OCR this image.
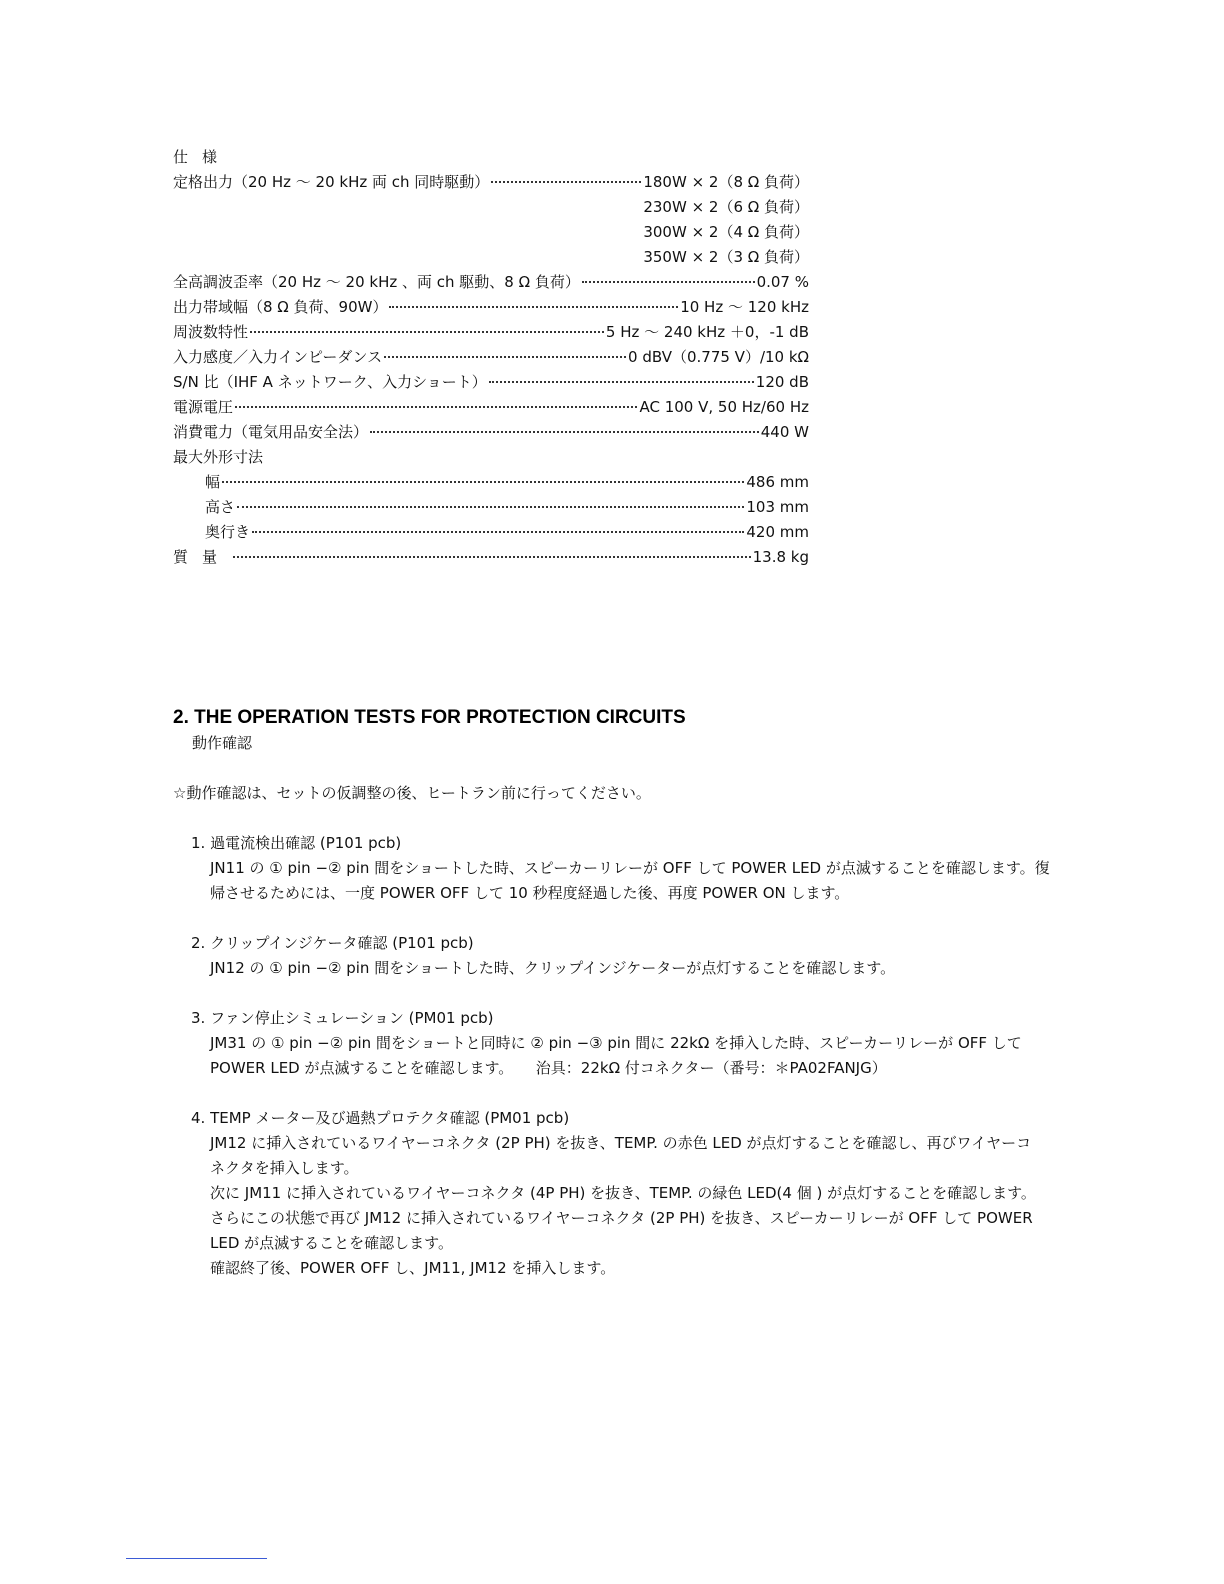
仕様
定格出力（20 Hz 〜 20 kHz 両 ch 同時駆動）	180W × 2（8 Ω 負荷）
230W × 2（6 Ω 負荷）
300W × 2（4 Ω 負荷）
350W × 2（3 Ω 負荷）
全高調波歪率（20 Hz 〜 20 kHz 、両 ch 駆動、8 Ω 負荷）	0.07 %
出力帯域幅（8 Ω 負荷、90W）	10 Hz 〜 120 kHz
周波数特性	5 Hz 〜 240 kHz ＋0，-1 dB
入力感度／入力インピーダンス	0 dBV（0.775 V）/10 kΩ
S/N 比（IHF A ネットワーク、入力ショート）	120 dB
電源電圧	AC 100 V, 50 Hz/60 Hz
消費電力（電気用品安全法）	440 W
最大外形寸法
幅	486 mm
高さ	103 mm
奥行き	420 mm
質量	13.8 kg
2. THE OPERATION TESTS FOR PROTECTION CIRCUITS
動作確認
☆動作確認は、セットの仮調整の後、ヒートラン前に行ってください。
1. 過電流検出確認 (P101 pcb)
JN11 の ① pin −② pin 間をショートした時、スピーカーリレーが OFF して POWER LED が点滅することを確認します。復
帰させるためには、一度 POWER OFF して 10 秒程度経過した後、再度 POWER ON します。
2. クリップインジケータ確認 (P101 pcb)
JN12 の ① pin −② pin 間をショートした時、クリップインジケーターが点灯することを確認します。
3. ファン停止シミュレーション (PM01 pcb)
JM31 の ① pin −② pin 間をショートと同時に ② pin −③ pin 間に 22kΩ を挿入した時、スピーカーリレーが OFF して
POWER LED が点滅することを確認します。　　治具：22kΩ 付コネクター（番号：＊PA02FANJG）
4. TEMP メーター及び過熱プロテクタ確認 (PM01 pcb)
JM12 に挿入されているワイヤーコネクタ (2P PH) を抜き、TEMP. の赤色 LED が点灯することを確認し、再びワイヤーコ
ネクタを挿入します。
次に JM11 に挿入されているワイヤーコネクタ (4P PH) を抜き、TEMP. の緑色 LED(4 個 ) が点灯することを確認します。
さらにこの状態で再び JM12 に挿入されているワイヤーコネクタ (2P PH) を抜き、スピーカーリレーが OFF して POWER
LED が点滅することを確認します。
確認終了後、POWER OFF し、JM11, JM12 を挿入します。
